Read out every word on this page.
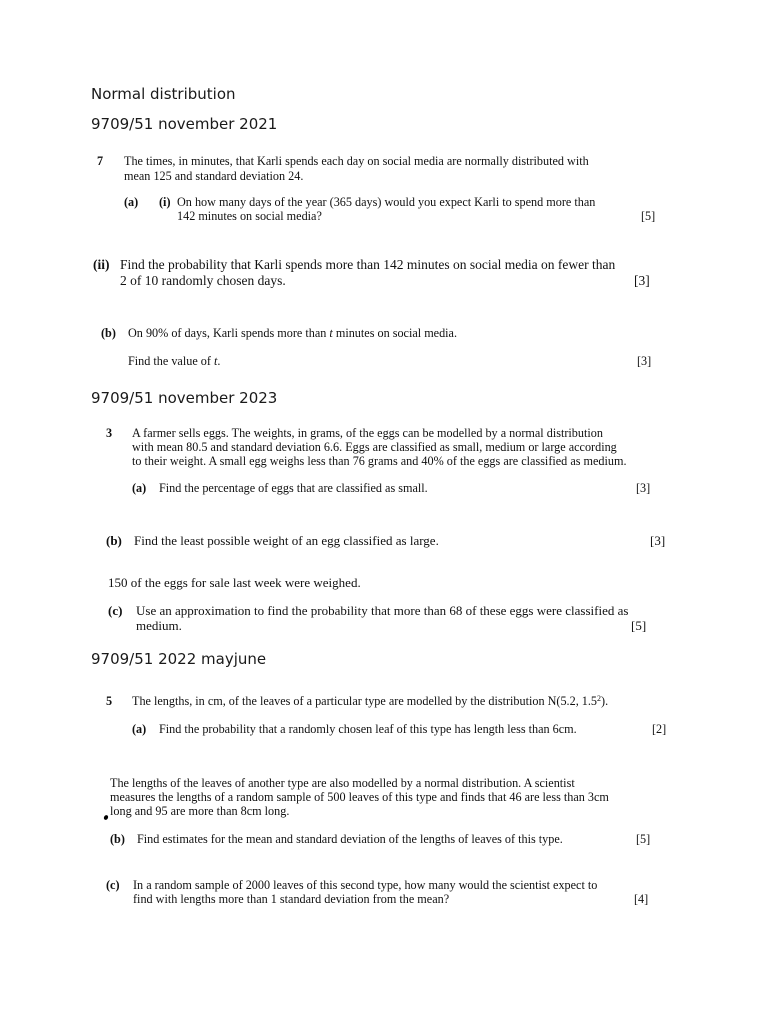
Normal distribution
9709/51 november 2021
7 The times, in minutes, that Karli spends each day on social media are normally distributed with
mean 125 and standard deviation 24.
(a) (i) On how many days of the year (365 days) would you expect Karli to spend more than
142 minutes on social media?	[5]
(ii) Find the probability that Karli spends more than 142 minutes on social media on fewer than
2 of 10 randomly chosen days.	[3]
(b) On 90% of days, Karli spends more than t minutes on social media.
Find the value of t.	[3]
9709/51 november 2023
3 A farmer sells eggs. The weights, in grams, of the eggs can be modelled by a normal distribution
with mean 80.5 and standard deviation 6.6. Eggs are classified as small, medium or large according
to their weight. A small egg weighs less than 76 grams and 40% of the eggs are classified as medium.
(a) Find the percentage of eggs that are classified as small.	[3]
(b) Find the least possible weight of an egg classified as large.	[3]
150 of the eggs for sale last week were weighed.
(c) Use an approximation to find the probability that more than 68 of these eggs were classified as
medium.	[5]
9709/51 2022 mayjune
5 The lengths, in cm, of the leaves of a particular type are modelled by the distribution N(5.2, $1.5^2$).
(a) Find the probability that a randomly chosen leaf of this type has length less than 6cm.	[2]
The lengths of the leaves of another type are also modelled by a normal distribution. A scientist
measures the lengths of a random sample of 500 leaves of this type and finds that 46 are less than 3cm
long and 95 are more than 8cm long.
(b) Find estimates for the mean and standard deviation of the lengths of leaves of this type.	[5]
(c) In a random sample of 2000 leaves of this second type, how many would the scientist expect to
find with lengths more than 1 standard deviation from the mean?	[4]
